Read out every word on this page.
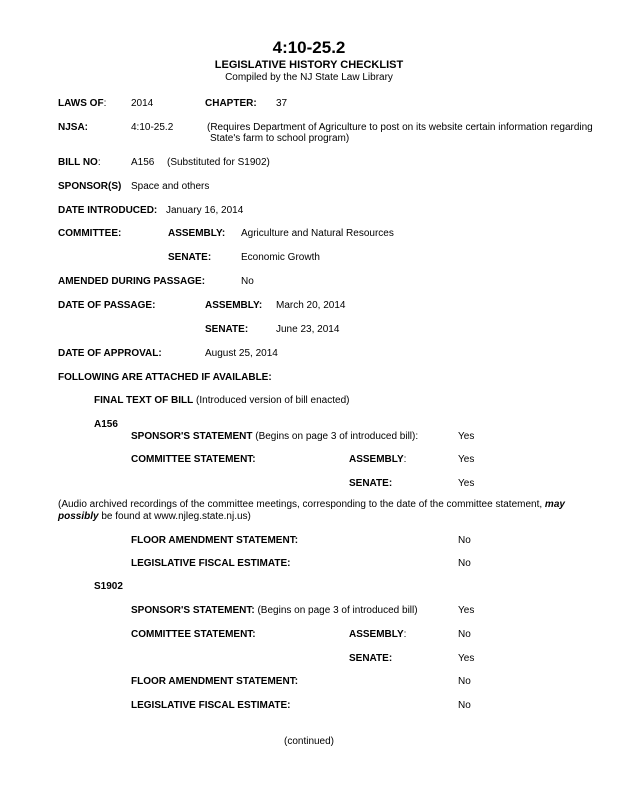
4:10-25.2
LEGISLATIVE HISTORY CHECKLIST
Compiled by the NJ State Law Library
LAWS OF: 2014	CHAPTER: 37
NJSA:	4:10-25.2	(Requires Department of Agriculture to post on its website certain information regarding
State's farm to school program)
BILL NO:	A156 (Substituted for S1902)
SPONSOR(S) Space and others
DATE INTRODUCED: January 16, 2014
COMMITTEE:	ASSEMBLY: Agriculture and Natural Resources
SENATE:	Economic Growth
AMENDED DURING PASSAGE:	No
DATE OF PASSAGE:	ASSEMBLY: March 20, 2014
SENATE:	June 23, 2014
DATE OF APPROVAL:	August 25, 2014
FOLLOWING ARE ATTACHED IF AVAILABLE:
FINAL TEXT OF BILL (Introduced version of bill enacted)
A156
SPONSOR'S STATEMENT (Begins on page 3 of introduced bill):	Yes
COMMITTEE STATEMENT:	ASSEMBLY:	Yes
SENATE:	Yes
(Audio archived recordings of the committee meetings, corresponding to the date of the committee statement, may possibly be found at www.njleg.state.nj.us)
FLOOR AMENDMENT STATEMENT:	No
LEGISLATIVE FISCAL ESTIMATE:	No
S1902
SPONSOR'S STATEMENT: (Begins on page 3 of introduced bill)	Yes
COMMITTEE STATEMENT:	ASSEMBLY:	No
SENATE:	Yes
FLOOR AMENDMENT STATEMENT:	No
LEGISLATIVE FISCAL ESTIMATE:	No
(continued)
